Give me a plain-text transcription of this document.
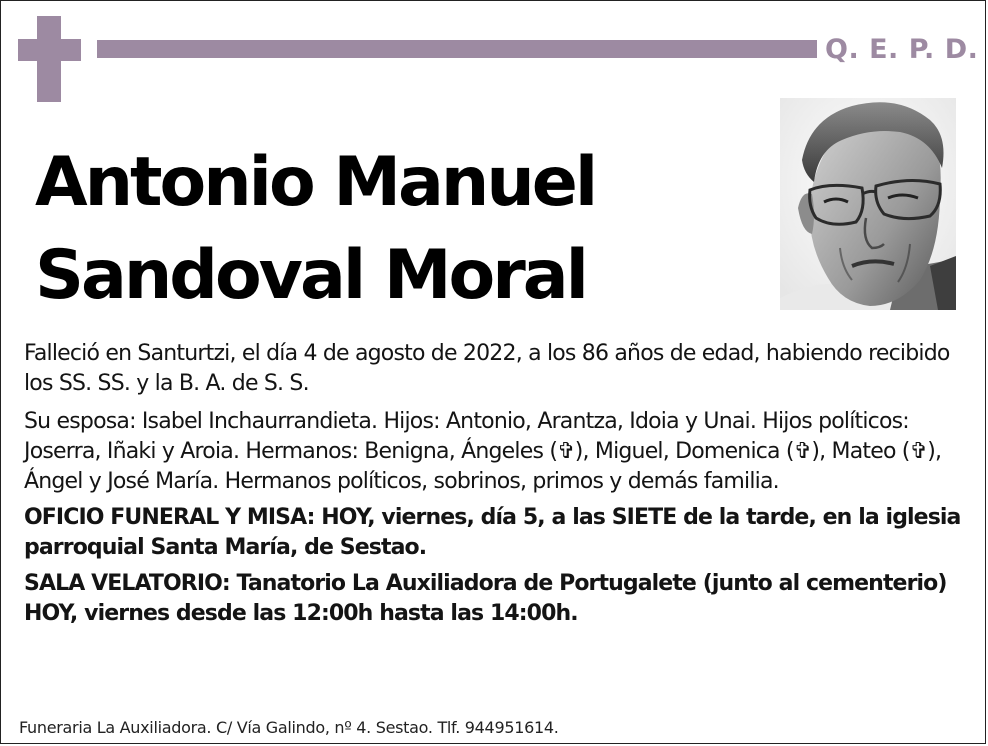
Q. E. P. D.
Antonio Manuel
Sandoval Moral

Falleció en Santurtzi, el día 4 de agosto de 2022, a los 86 años de edad, habiendo recibido los SS. SS. y la B. A. de S. S.

Su esposa: Isabel Inchaurrandieta. Hijos: Antonio, Arantza, Idoia y Unai. Hijos políticos: Joserra, Iñaki y Aroia. Hermanos: Benigna, Ángeles (✞), Miguel, Domenica (✞), Mateo (✞), Ángel y José María. Hermanos políticos, sobrinos, primos y demás familia.

OFICIO FUNERAL Y MISA: HOY, viernes, día 5, a las SIETE de la tarde, en la iglesia parroquial Santa María, de Sestao.

SALA VELATORIO: Tanatorio La Auxiliadora de Portugalete (junto al cementerio) HOY, viernes desde las 12:00h hasta las 14:00h.

Funeraria La Auxiliadora. C/ Vía Galindo, nº 4. Sestao. Tlf. 944951614.
